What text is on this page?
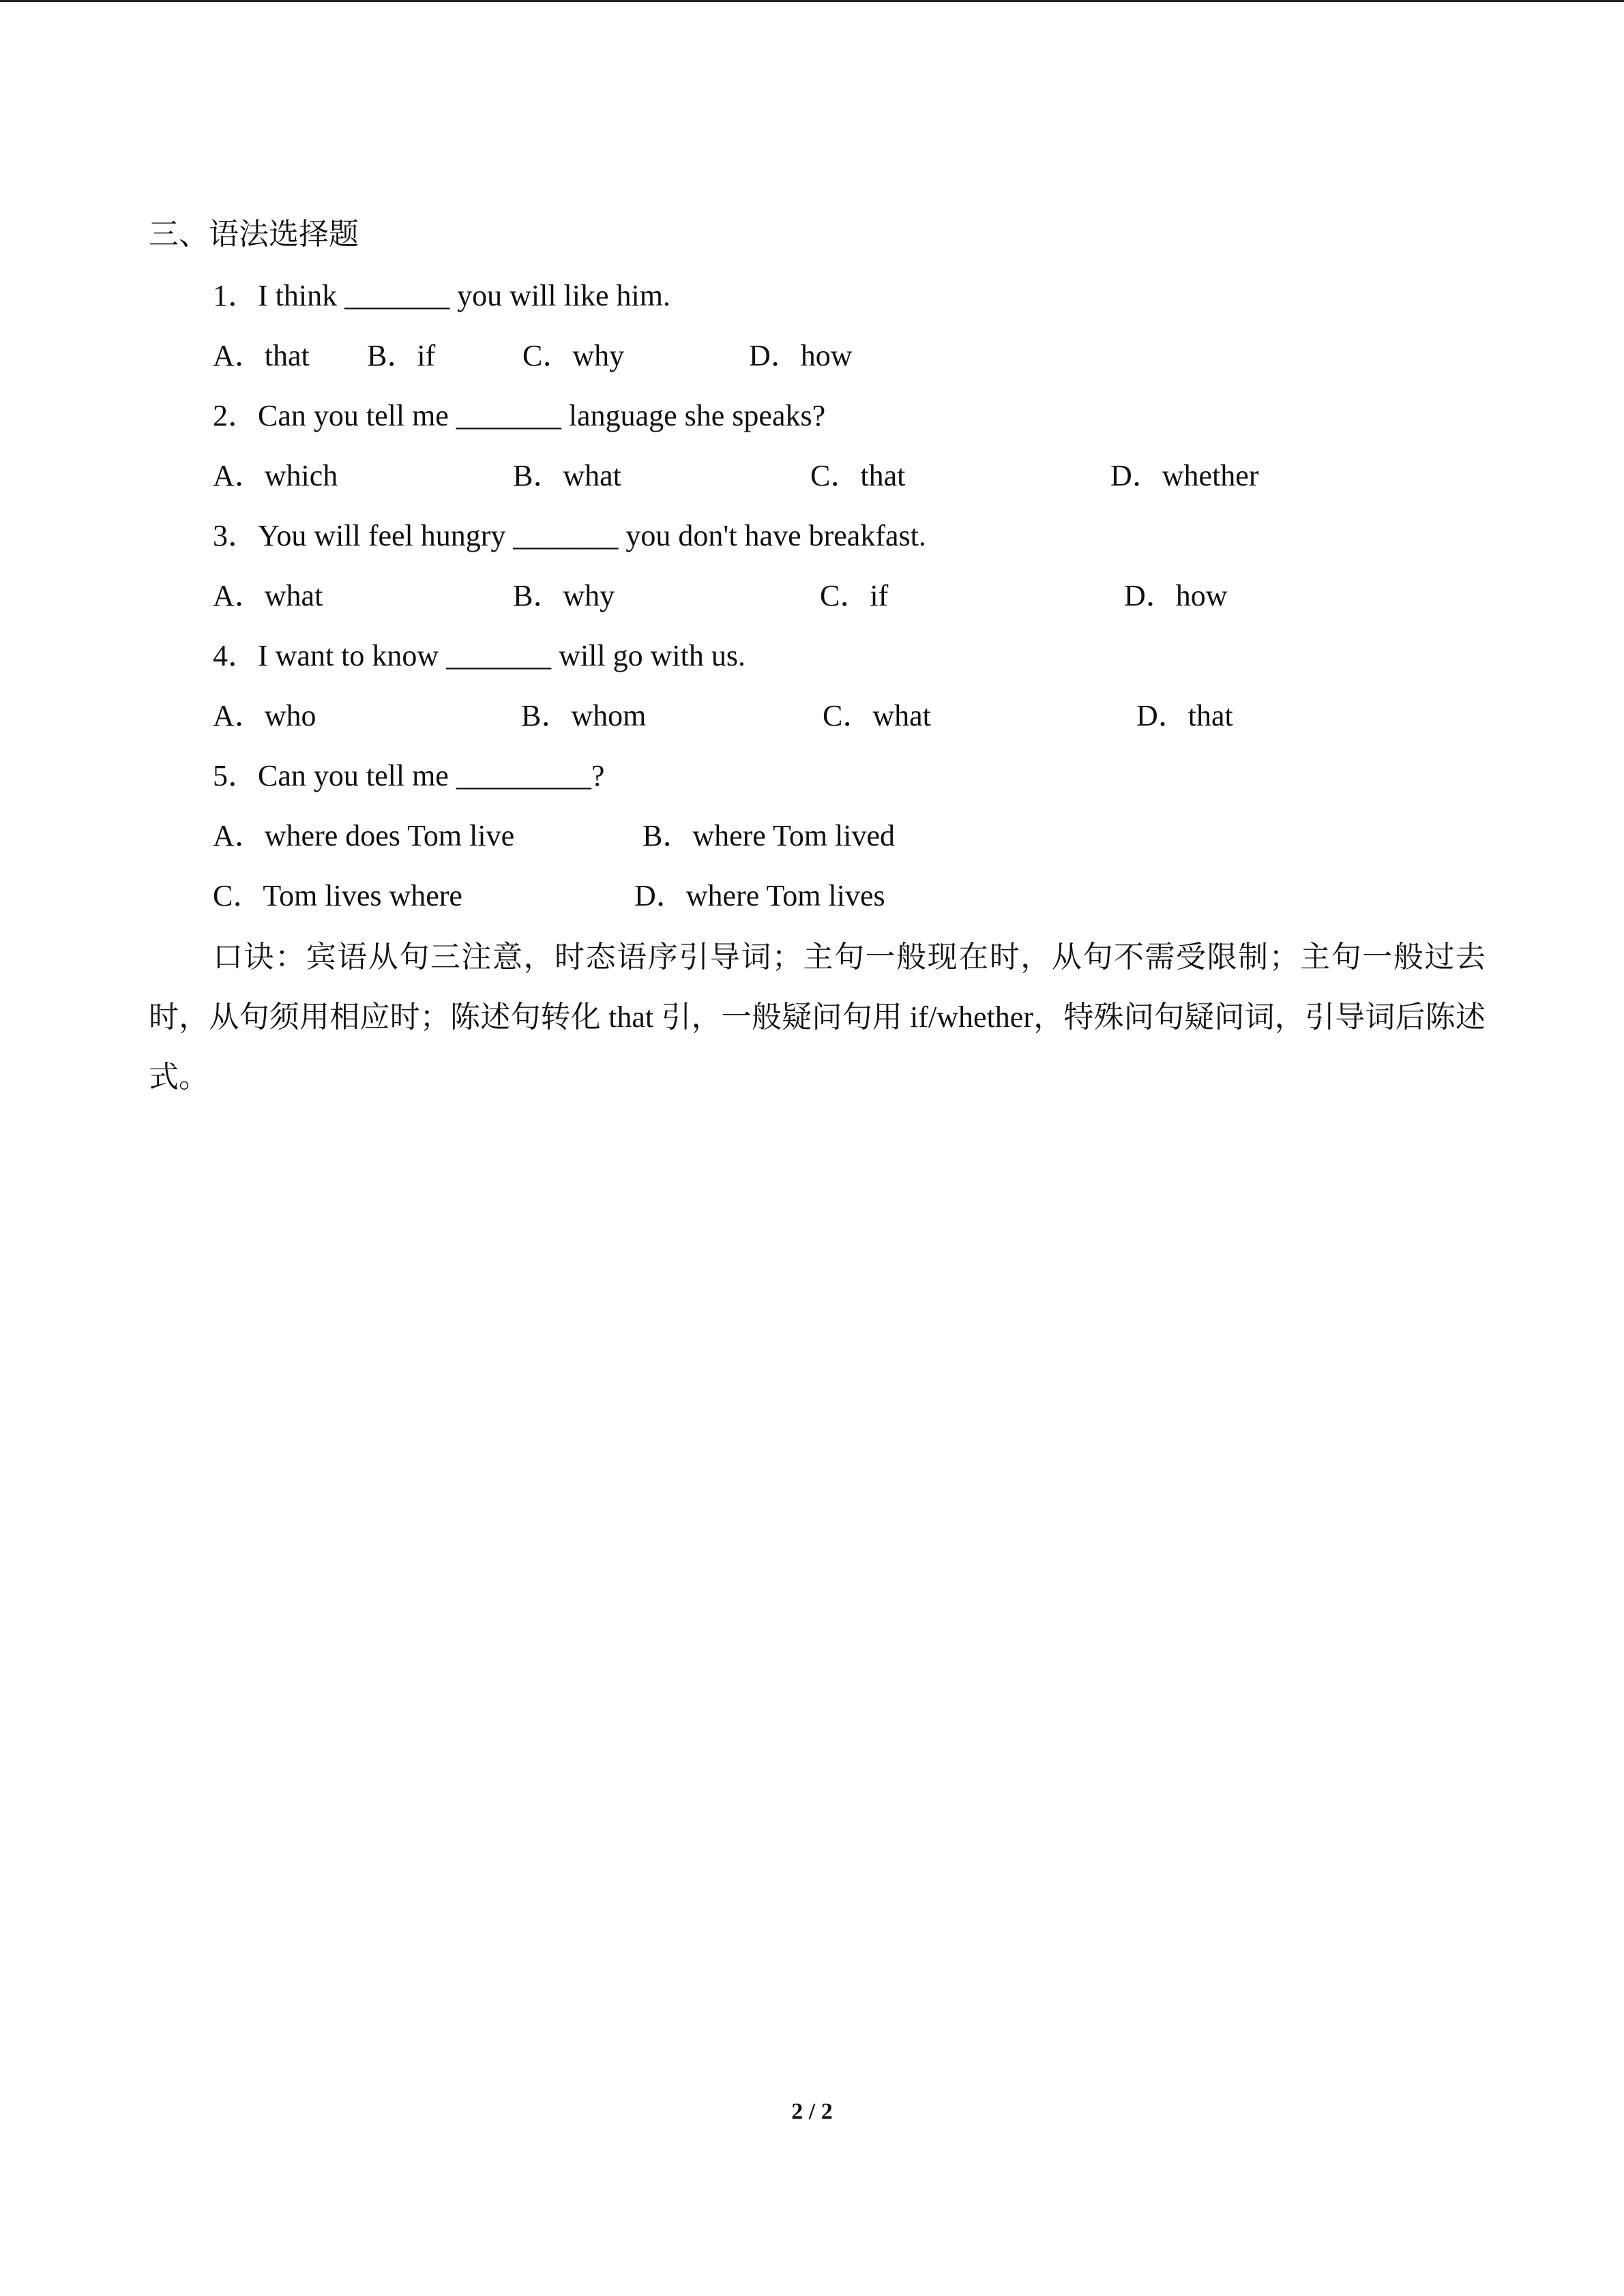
三、语法选择题
1．I think _______ you will like him.
A．that B．if	C．why	D．how
2．Can you tell me _______ language she speaks?
A．which	B．what	C．that	D．whether
3．You will feel hungry _______ you don't have breakfast.
A．what	B．why	C．if	D．how
4．I want to know _______ will go with us.
A．who	B．whom	C．what	D．that
5．Can you tell me _________?
A．where does Tom live	B．where Tom lived
C．Tom lives where	D．where Tom lives
口诀：宾语从句三注意，时态语序引导词；主句一般现在时，从句不需受限制；主句一般过去时，从句须用相应时；陈述句转化 that 引，一般疑问句用 if/whether，特殊问句疑问词，引导词后陈述式。
2 / 2
